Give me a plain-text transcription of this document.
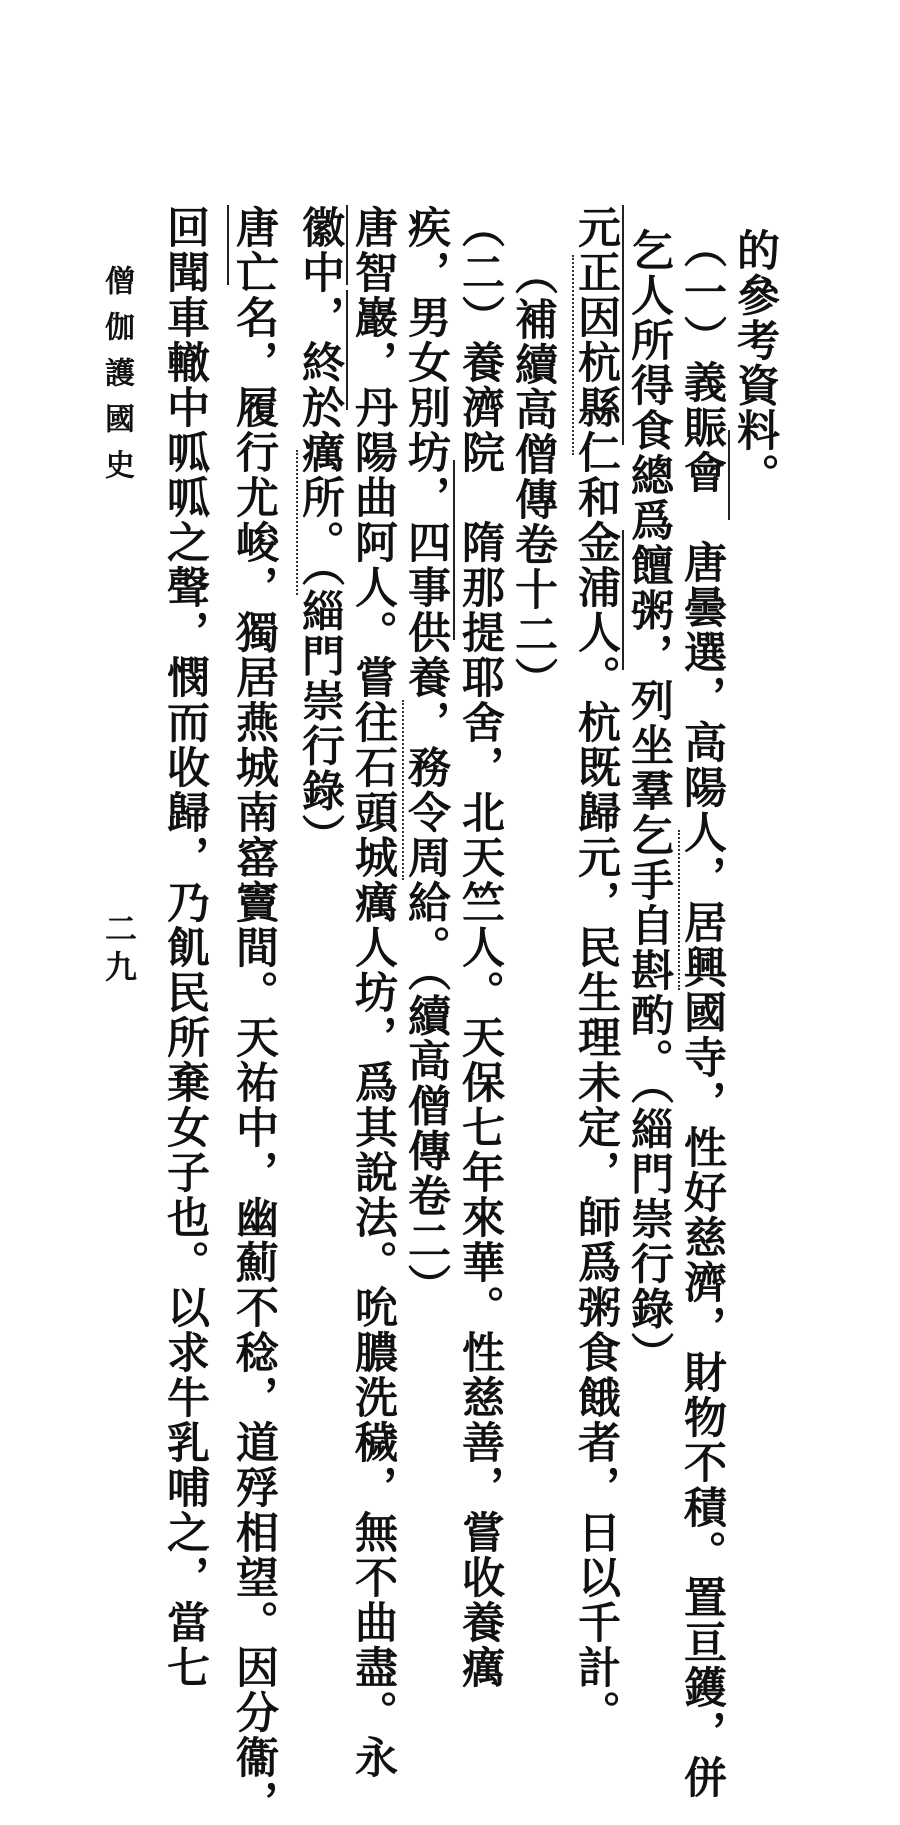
僧伽護國史
二九
的參考資料。
（一）義賑會　唐曇選，高陽人，居興國寺，性好慈濟，財物不積。置亘鑊，併
乞人所得食總爲饘粥，列坐羣乞手自斟酌。（緇門崇行錄）
元正因杭縣仁和金浦人。杭既歸元，民生理未定，師爲粥食餓者，日以千計。
（補續高僧傳卷十二）
（二）養濟院　隋那提耶舍，北天竺人。天保七年來華。性慈善，嘗收養癘
疾，男女別坊，四事供養，務令周給。（續高僧傳卷二）
唐智巖，丹陽曲阿人。嘗往石頭城癘人坊，爲其說法。吮膿洗穢，無不曲盡。永
徽中，終於癘所。（緇門崇行錄）
唐亡名，履行尤峻，獨居燕城南窰竇間。天祐中，幽薊不稔，道殍相望。因分衞，
回聞車轍中呱呱之聲，憫而收歸，乃飢民所棄女子也。以求牛乳哺之，當七
